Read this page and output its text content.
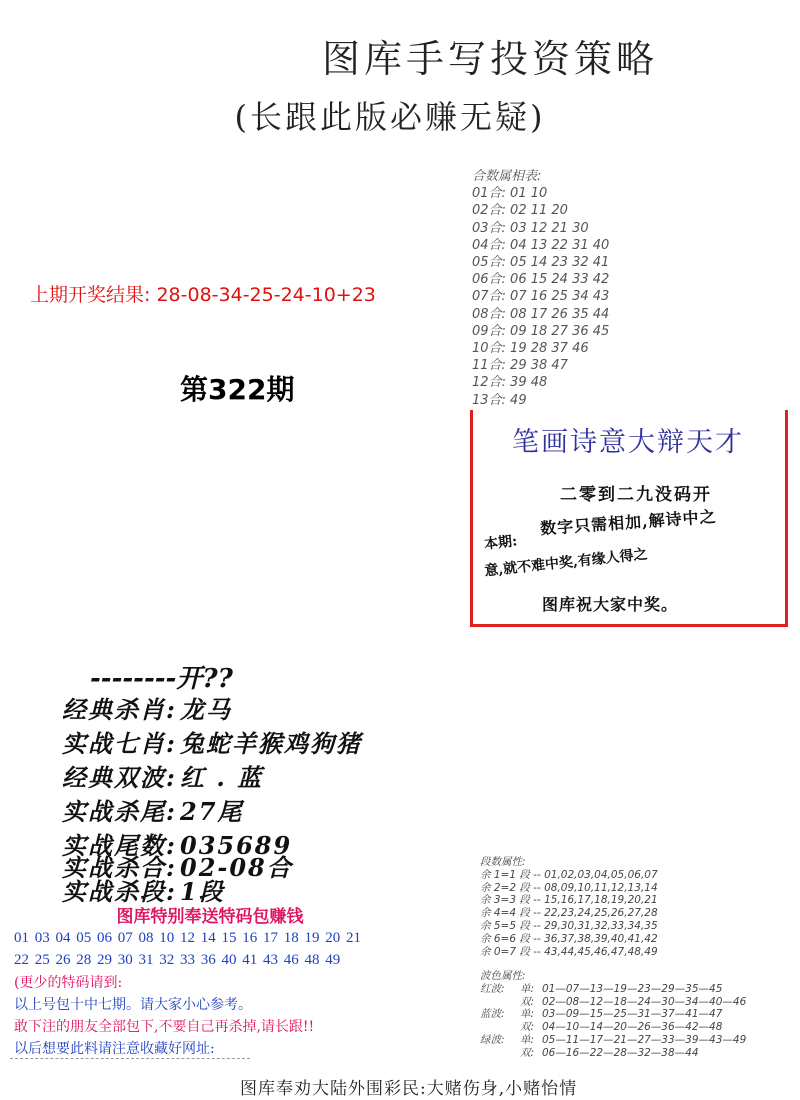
图库手写投资策略
(长跟此版必赚无疑)
上期开奖结果: 28-08-34-25-24-10+23
第322期
合数属相表:
01合: 01 10
02合: 02 11 20
03合: 03 12 21 30
04合: 04 13 22 31 40
05合: 05 14 23 32 41
06合: 06 15 24 33 42
07合: 07 16 25 34 43
08合: 08 17 26 35 44
09合: 09 18 27 36 45
10合: 19 28 37 46
11合: 29 38 47
12合: 39 48
13合: 49
笔画诗意大辩天才
二零到二九没码开
数字只需相加,解诗中之
本期:
意,就不难中奖,有缘人得之
图库祝大家中奖。
--------开??
经典杀肖: 龙马
实战七肖: 兔蛇羊猴鸡狗猪
经典双波: 红 . 蓝
实战杀尾: 27尾
实战尾数: 035689
实战杀合: 02-08合
实战杀段: 1段
图库特别奉送特码包赚钱
01 03 04 05 06 07 08 10 12 14 15 16 17 18 19 20 21
22 25 26 28 29 30 31 32 33 36 40 41 43 46 48 49
(更少的特码请到:
以上号包十中七期。请大家小心参考。
敢下注的朋友全部包下,不要自己再杀掉,请长跟!!
以后想要此料请注意收藏好网址:
段数属性:
余 1=1 段 -- 01,02,03,04,05,06,07
余 2=2 段 -- 08,09,10,11,12,13,14
余 3=3 段 -- 15,16,17,18,19,20,21
余 4=4 段 -- 22,23,24,25,26,27,28
余 5=5 段 -- 29,30,31,32,33,34,35
余 6=6 段 -- 36,37,38,39,40,41,42
余 0=7 段 -- 43,44,45,46,47,48,49
波色属性:
红波: 单: 01—07—13—19—23—29—35—45
双: 02—08—12—18—24—30—34—40—46
蓝波: 单: 03—09—15—25—31—37—41—47
双: 04—10—14—20—26—36—42—48
绿波: 单: 05—11—17—21—27—33—39—43—49
双: 06—16—22—28—32—38—44
图库奉劝大陆外围彩民:大赌伤身,小赌怡情
